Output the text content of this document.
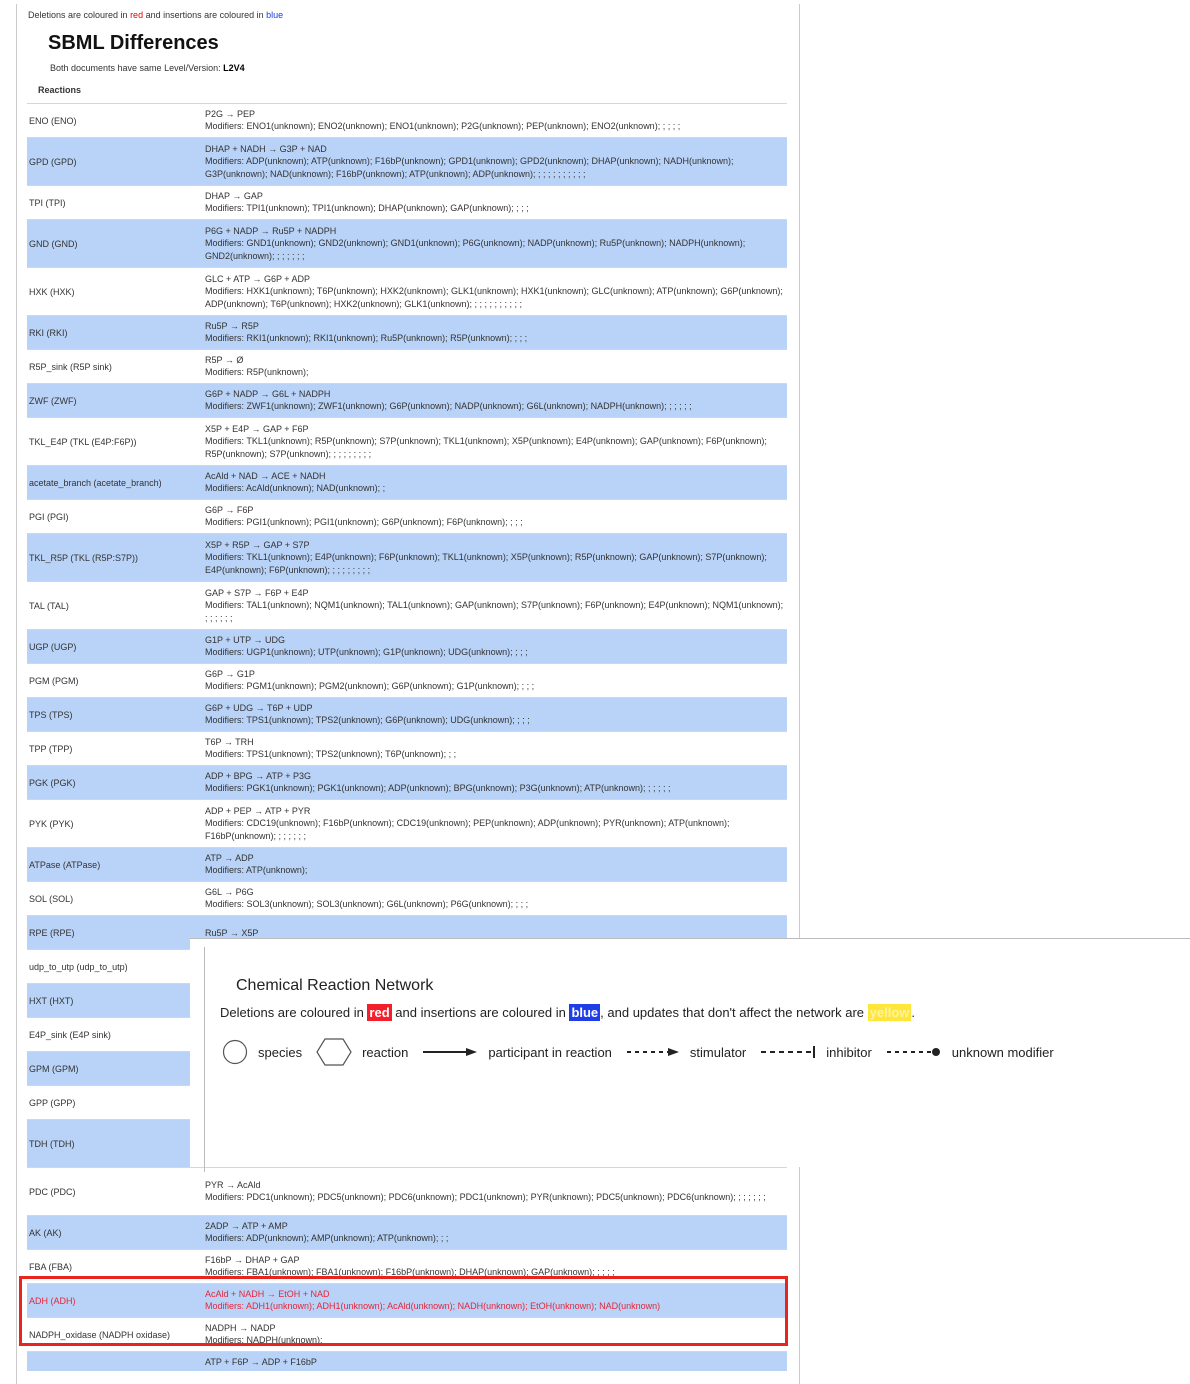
Deletions are coloured in red and insertions are coloured in blue
SBML Differences
Both documents have same Level/Version: L2V4
Reactions
ENO (ENO)	P2G → PEP
Modifiers: ENO1(unknown); ENO2(unknown); ENO1(unknown); P2G(unknown); PEP(unknown); ENO2(unknown); ; ; ; ;

GPD (GPD)	DHAP + NADH → G3P + NAD
Modifiers: ADP(unknown); ATP(unknown); F16bP(unknown); GPD1(unknown); GPD2(unknown); DHAP(unknown); NADH(unknown); G3P(unknown); NAD(unknown); F16bP(unknown); ATP(unknown); ADP(unknown); ; ; ; ; ; ; ; ; ; ;

TPI (TPI)	DHAP → GAP
Modifiers: TPI1(unknown); TPI1(unknown); DHAP(unknown); GAP(unknown); ; ; ;

GND (GND)	P6G + NADP → Ru5P + NADPH
Modifiers: GND1(unknown); GND2(unknown); GND1(unknown); P6G(unknown); NADP(unknown); Ru5P(unknown); NADPH(unknown); GND2(unknown); ; ; ; ; ; ;

HXK (HXK)	GLC + ATP → G6P + ADP
Modifiers: HXK1(unknown); T6P(unknown); HXK2(unknown); GLK1(unknown); HXK1(unknown); GLC(unknown); ATP(unknown); G6P(unknown); ADP(unknown); T6P(unknown); HXK2(unknown); GLK1(unknown); ; ; ; ; ; ; ; ; ; ;

RKI (RKI)	Ru5P → R5P
Modifiers: RKI1(unknown); RKI1(unknown); Ru5P(unknown); R5P(unknown); ; ; ;

R5P_sink (R5P sink)	R5P → Ø
Modifiers: R5P(unknown);

ZWF (ZWF)	G6P + NADP → G6L + NADPH
Modifiers: ZWF1(unknown); ZWF1(unknown); G6P(unknown); NADP(unknown); G6L(unknown); NADPH(unknown); ; ; ; ; ;

TKL_E4P (TKL (E4P:F6P))	X5P + E4P → GAP + F6P
Modifiers: TKL1(unknown); R5P(unknown); S7P(unknown); TKL1(unknown); X5P(unknown); E4P(unknown); GAP(unknown); F6P(unknown); R5P(unknown); S7P(unknown); ; ; ; ; ; ; ; ;

acetate_branch (acetate_branch)	AcAld + NAD → ACE + NADH
Modifiers: AcAld(unknown); NAD(unknown); ;

PGI (PGI)	G6P → F6P
Modifiers: PGI1(unknown); PGI1(unknown); G6P(unknown); F6P(unknown); ; ; ;

TKL_R5P (TKL (R5P:S7P))	X5P + R5P → GAP + S7P
Modifiers: TKL1(unknown); E4P(unknown); F6P(unknown); TKL1(unknown); X5P(unknown); R5P(unknown); GAP(unknown); S7P(unknown); E4P(unknown); F6P(unknown); ; ; ; ; ; ; ; ;

TAL (TAL)	GAP + S7P → F6P + E4P
Modifiers: TAL1(unknown); NQM1(unknown); TAL1(unknown); GAP(unknown); S7P(unknown); F6P(unknown); E4P(unknown); NQM1(unknown); ; ; ; ; ; ;

UGP (UGP)	G1P + UTP → UDG
Modifiers: UGP1(unknown); UTP(unknown); G1P(unknown); UDG(unknown); ; ; ;

PGM (PGM)	G6P → G1P
Modifiers: PGM1(unknown); PGM2(unknown); G6P(unknown); G1P(unknown); ; ; ;

TPS (TPS)	G6P + UDG → T6P + UDP
Modifiers: TPS1(unknown); TPS2(unknown); G6P(unknown); UDG(unknown); ; ; ;

TPP (TPP)	T6P → TRH
Modifiers: TPS1(unknown); TPS2(unknown); T6P(unknown); ; ;

PGK (PGK)	ADP + BPG → ATP + P3G
Modifiers: PGK1(unknown); PGK1(unknown); ADP(unknown); BPG(unknown); P3G(unknown); ATP(unknown); ; ; ; ; ;

PYK (PYK)	ADP + PEP → ATP + PYR
Modifiers: CDC19(unknown); F16bP(unknown); CDC19(unknown); PEP(unknown); ADP(unknown); PYR(unknown); ATP(unknown); F16bP(unknown); ; ; ; ; ; ;

ATPase (ATPase)	ATP → ADP
Modifiers: ATP(unknown);

SOL (SOL)	G6L → P6G
Modifiers: SOL3(unknown); SOL3(unknown); G6L(unknown); P6G(unknown); ; ; ;

RPE (RPE)	Ru5P → X5P

udp_to_utp (udp_to_utp)	

HXT (HXT)	

E4P_sink (E4P sink)	

GPM (GPM)	

GPP (GPP)	

TDH (TDH)	

PDC (PDC)	PYR → AcAld
Modifiers: PDC1(unknown); PDC5(unknown); PDC6(unknown); PDC1(unknown); PYR(unknown); PDC5(unknown); PDC6(unknown); ; ; ; ; ; ;

AK (AK)	2ADP → ATP + AMP
Modifiers: ADP(unknown); AMP(unknown); ATP(unknown); ; ;

FBA (FBA)	F16bP → DHAP + GAP
Modifiers: FBA1(unknown); FBA1(unknown); F16bP(unknown); DHAP(unknown); GAP(unknown); ; ; ; ;

ADH (ADH)	AcAld + NADH → EtOH + NAD
Modifiers: ADH1(unknown); ADH1(unknown); AcAld(unknown); NADH(unknown); EtOH(unknown); NAD(unknown)

NADPH_oxidase (NADPH oxidase)	NADPH → NADP
Modifiers: NADPH(unknown);

	ATP + F6P → ADP + F16bP
Chemical Reaction Network
Deletions are coloured in red and insertions are coloured in blue , and updates that don't affect the network are yellow .
species	reaction	participant in reaction	stimulator	inhibitor	unknown modifier
